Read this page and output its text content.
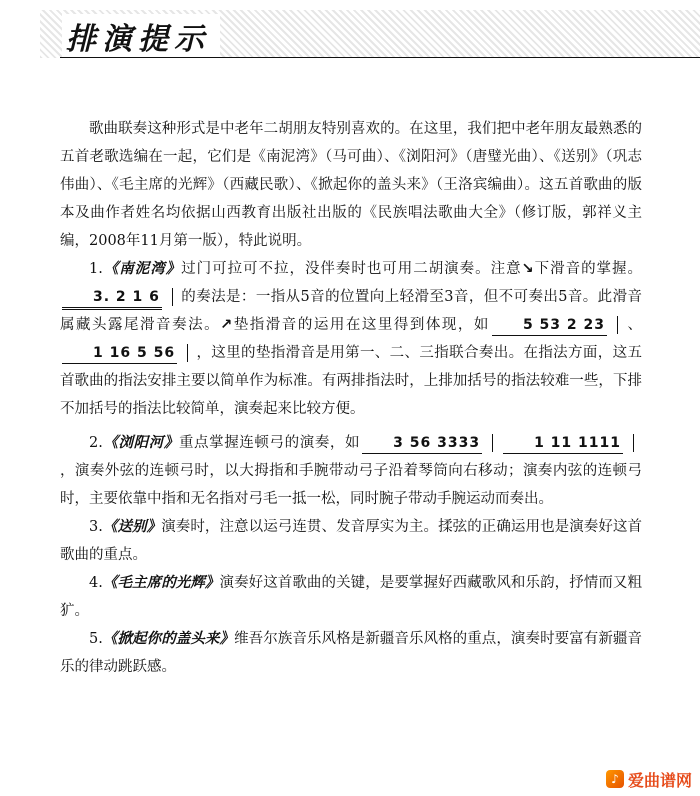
排演提示

歌曲联奏这种形式是中老年二胡朋友特别喜欢的。在这里，我们把中老年朋友最熟悉的五首老歌选编在一起，它们是《南泥湾》（马可曲）、《浏阳河》（唐璧光曲）、《送别》（巩志伟曲）、《毛主席的光辉》（西藏民歌）、《掀起你的盖头来》（王洛宾编曲）。这五首歌曲的版本及曲作者姓名均依据山西教育出版社出版的《民族唱法歌曲大全》（修订版，郭祥义主编，2008年11月第一版），特此说明。

1.《南泥湾》过门可拉可不拉，没伴奏时也可用二胡演奏。注意↘下滑音的掌握。3. 2 1 6 的奏法是：一指从5音的位置向上轻滑至3音，但不可奏出5音。此滑音属藏头露尾滑音奏法。↗垫指滑音的运用在这里得到体现，如 5 53 2 23 、1 16 5 56 ，这里的垫指滑音是用第一、二、三指联合奏出。在指法方面，这五首歌曲的指法安排主要以简单作为标准。有两排指法时，上排加括号的指法较难一些，下排不加括号的指法比较简单，演奏起来比较方便。

2.《浏阳河》重点掌握连顿弓的演奏，如 3 56 3333	1 11 1111，演奏外弦的连顿弓时，以大拇指和手腕带动弓子沿着琴筒向右移动；演奏内弦的连顿弓时，主要依靠中指和无名指对弓毛一抵一松，同时腕子带动手腕运动而奏出。

3.《送别》演奏时，注意以运弓连贯、发音厚实为主。揉弦的正确运用也是演奏好这首歌曲的重点。

4.《毛主席的光辉》演奏好这首歌曲的关键，是要掌握好西藏歌风和乐韵，抒情而又粗犷。

5.《掀起你的盖头来》维吾尔族音乐风格是新疆音乐风格的重点，演奏时要富有新疆音乐的律动跳跃感。

♪ 爱曲谱网
